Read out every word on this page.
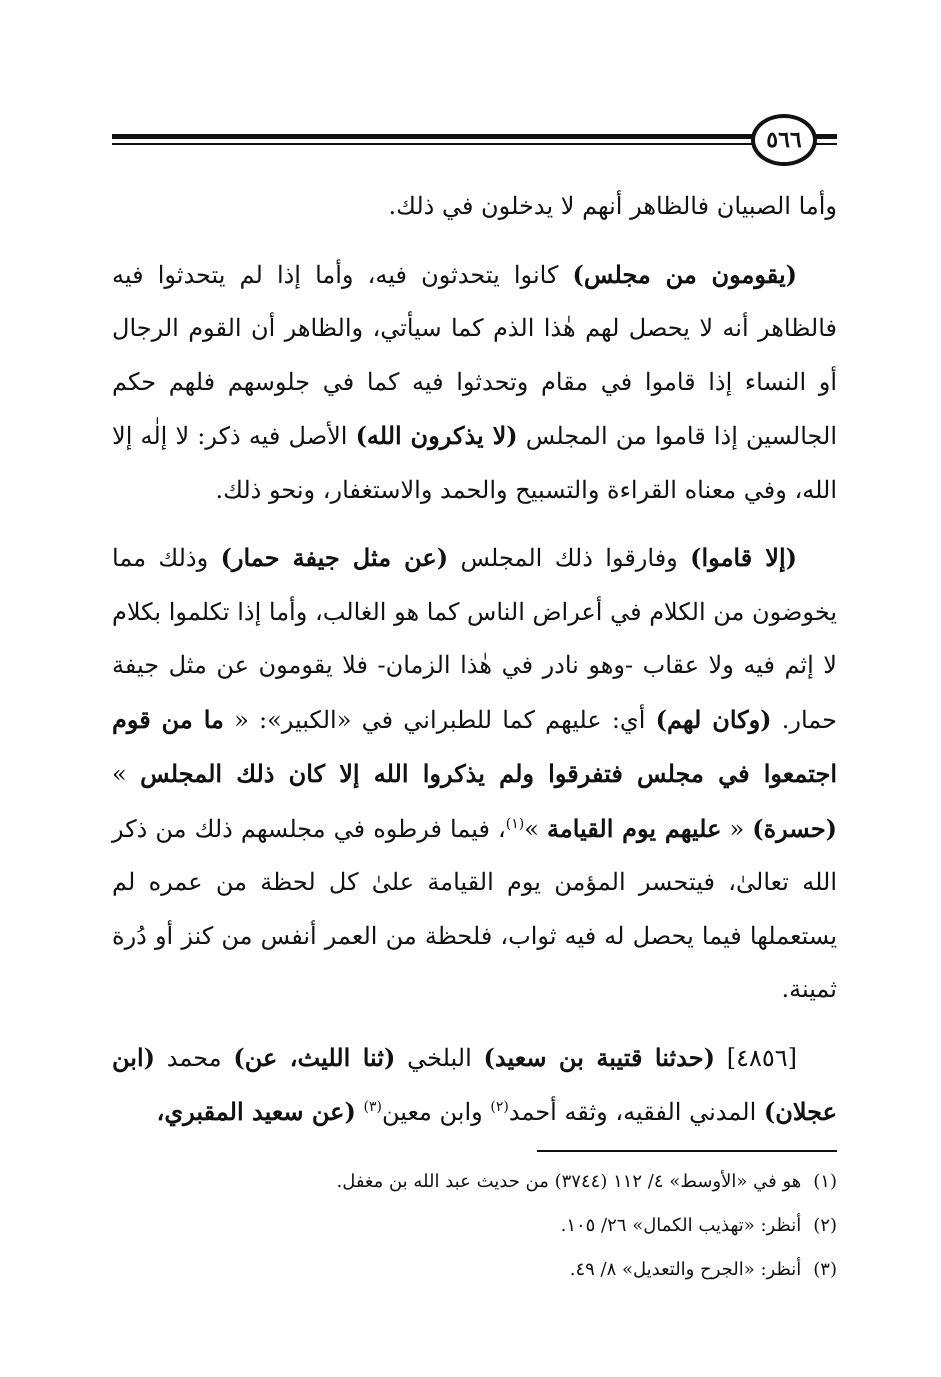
٥٦٦

وأما الصبيان فالظاهر أنهم لا يدخلون في ذلك.

(يقومون من مجلس) كانوا يتحدثون فيه، وأما إذا لم يتحدثوا فيه فالظاهر أنه لا يحصل لهم هٰذا الذم كما سيأتي، والظاهر أن القوم الرجال أو النساء إذا قاموا في مقام وتحدثوا فيه كما في جلوسهم فلهم حكم الجالسين إذا قاموا من المجلس (لا يذكرون الله) الأصل فيه ذكر: لا إلٰه إلا الله، وفي معناه القراءة والتسبيح والحمد والاستغفار، ونحو ذلك.

(إلا قاموا) وفارقوا ذلك المجلس (عن مثل جيفة حمار) وذلك مما يخوضون من الكلام في أعراض الناس كما هو الغالب، وأما إذا تكلموا بكلام لا إثم فيه ولا عقاب -وهو نادر في هٰذا الزمان- فلا يقومون عن مثل جيفة حمار. (وكان لهم) أي: عليهم كما للطبراني في «الكبير»: « ما من قوم اجتمعوا في مجلس فتفرقوا ولم يذكروا الله إلا كان ذلك المجلس » (حسرة) « عليهم يوم القيامة »$^{(١)}$، فيما فرطوه في مجلسهم ذلك من ذكر الله تعالىٰ، فيتحسر المؤمن يوم القيامة علىٰ كل لحظة من عمره لم يستعملها فيما يحصل له فيه ثواب، فلحظة من العمر أنفس من كنز أو دُرة ثمينة.

[٤٨٥٦] (حدثنا قتيبة بن سعيد) البلخي (ثنا الليث، عن) محمد (ابن عجلان) المدني الفقيه، وثقه أحمد$^{(٢)}$ وابن معين$^{(٣)}$ (عن سعيد المقبري،

(١)هو في «الأوسط» ٤/ ١١٢ (٣٧٤٤) من حديث عبد الله بن مغفل.

(٢)أنظر: «تهذيب الكمال» ٢٦/ ١٠٥.

(٣)أنظر: «الجرح والتعديل» ٨/ ٤٩.
